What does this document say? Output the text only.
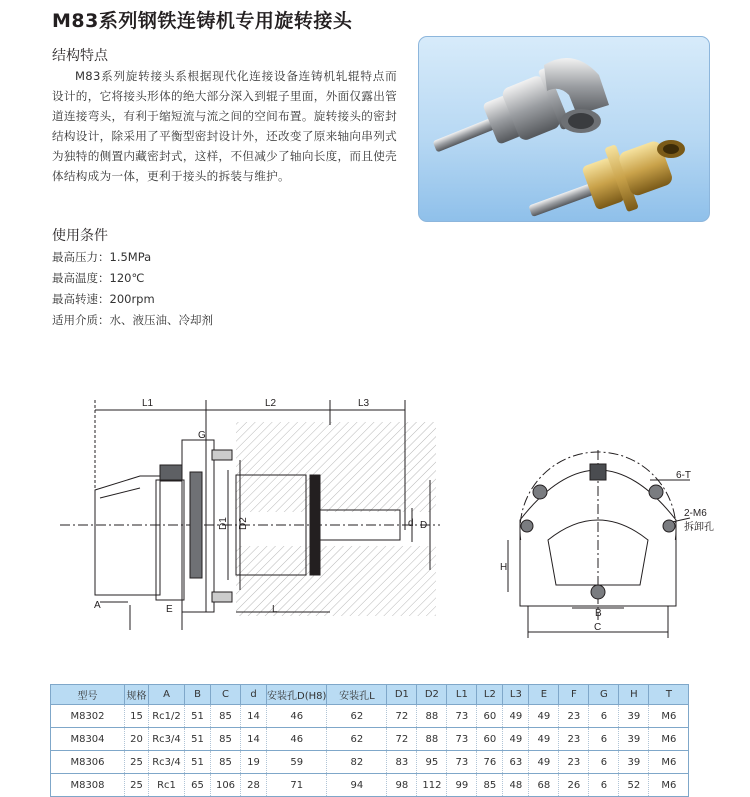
M83系列钢铁连铸机专用旋转接头
结构特点
M83系列旋转接头系根据现代化连接设备连铸机轧辊特点而设计的，它将接头形体的绝大部分深入到辊子里面，外面仅露出管道连接弯头，有利于缩短流与流之间的空间布置。旋转接头的密封结构设计，除采用了平衡型密封设计外，还改变了原来轴向串列式为独特的侧置内藏密封式，这样，不但减少了轴向长度，而且使壳体结构成为一体，更利于接头的拆装与维护。
使用条件
最高压力：1.5MPa
最高温度：120℃
最高转速：200rpm
适用介质：水、液压油、冷却剂
L1	L2	L3
G
D1 D2	d D
A	E	L
H
B
C
6-T
2-M6
拆卸孔
型号	规格	A	B	C	d	安装孔D(H8)	安装孔L	D1	D2	L1	L2	L3	E	F	G	H	T
M8302	15	Rc1/2	51	85	14	46	62	72	88	73	60	49	49	23	6	39	M6
M8304	20	Rc3/4	51	85	14	46	62	72	88	73	60	49	49	23	6	39	M6
M8306	25	Rc3/4	51	85	19	59	82	83	95	73	76	63	49	23	6	39	M6
M8308	25	Rc1	65	106	28	71	94	98	112	99	85	48	68	26	6	52	M6
